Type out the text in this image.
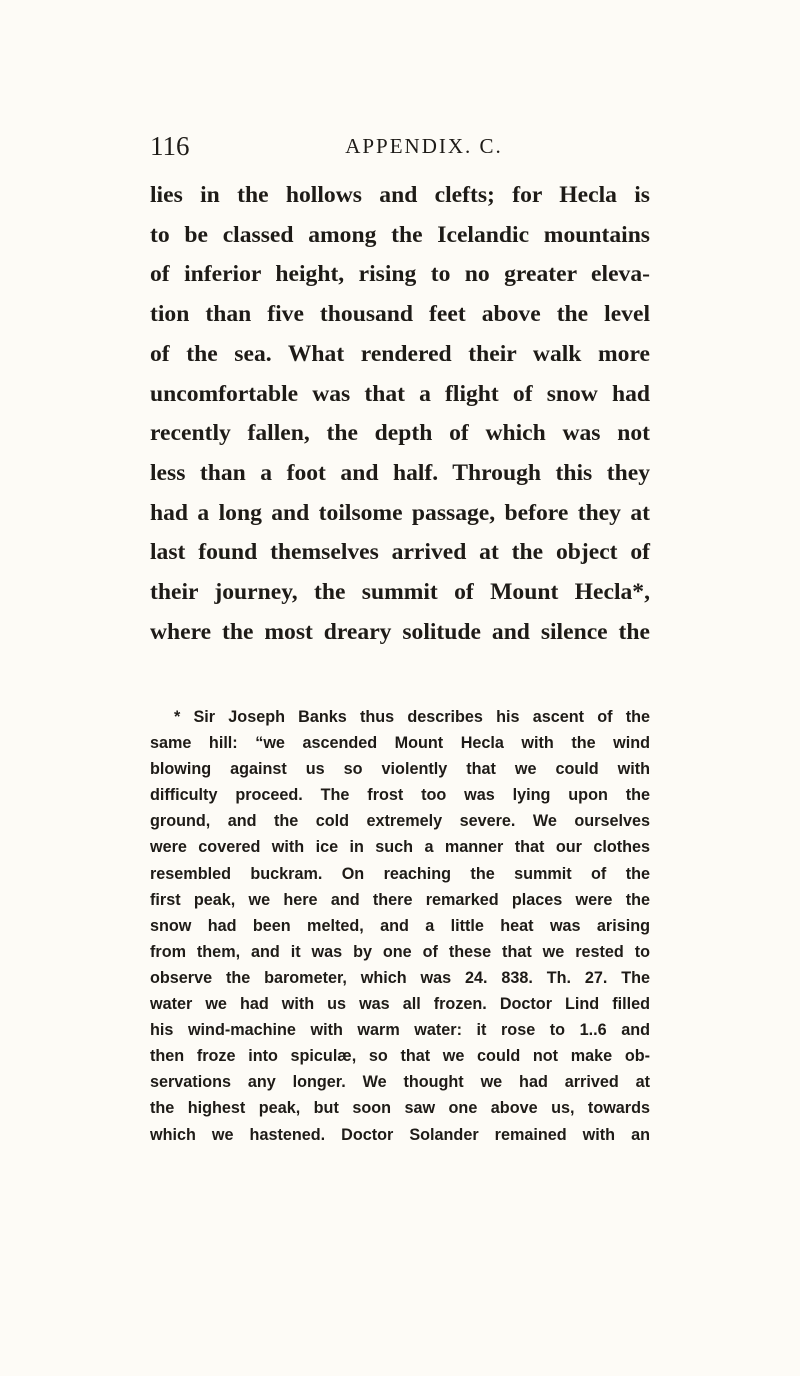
116	APPENDIX. C.
lies in the hollows and clefts; for Hecla is
to be classed among the Icelandic mountains
of inferior height, rising to no greater eleva-
tion than five thousand feet above the level
of the sea. What rendered their walk more
uncomfortable was that a flight of snow had
recently fallen, the depth of which was not
less than a foot and half. Through this they
had a long and toilsome passage, before they at
last found themselves arrived at the object of
their journey, the summit of Mount Hecla*,
where the most dreary solitude and silence the
* Sir Joseph Banks thus describes his ascent of the
same hill: “we ascended Mount Hecla with the wind
blowing against us so violently that we could with
difficulty proceed. The frost too was lying upon the
ground, and the cold extremely severe. We ourselves
were covered with ice in such a manner that our clothes
resembled buckram. On reaching the summit of the
first peak, we here and there remarked places were the
snow had been melted, and a little heat was arising
from them, and it was by one of these that we rested to
observe the barometer, which was 24. 838. Th. 27. The
water we had with us was all frozen. Doctor Lind filled
his wind-machine with warm water: it rose to 1..6 and
then froze into spiculæ, so that we could not make ob-
servations any longer. We thought we had arrived at
the highest peak, but soon saw one above us, towards
which we hastened. Doctor Solander remained with an
